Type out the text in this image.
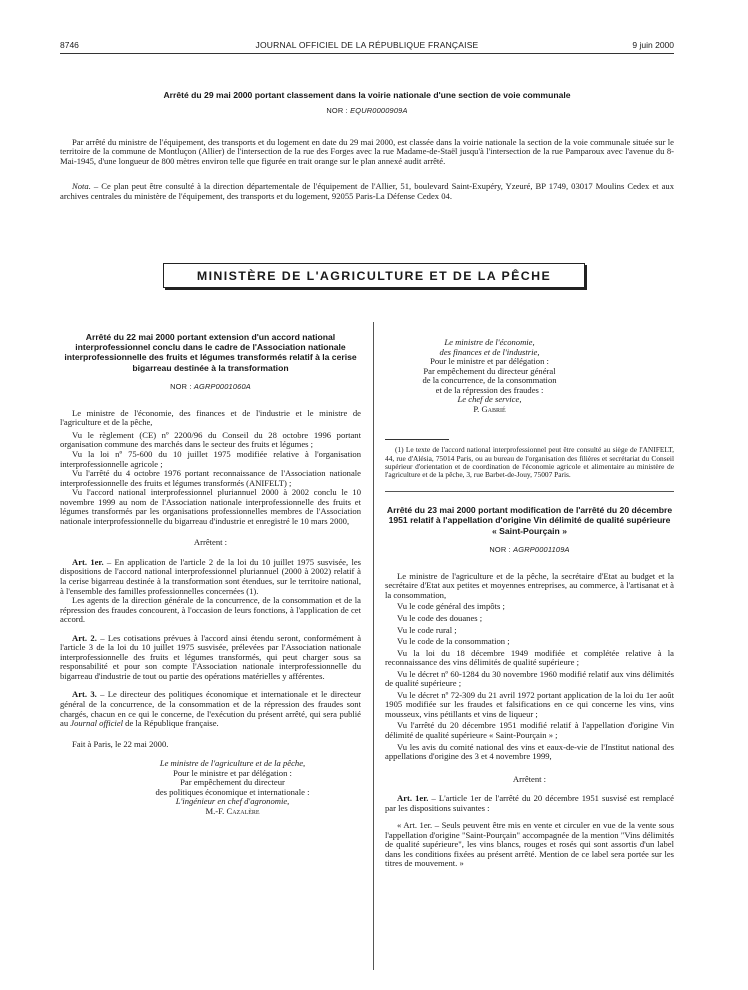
8746	JOURNAL OFFICIEL DE LA RÉPUBLIQUE FRANÇAISE	9 juin 2000

Arrêté du 29 mai 2000 portant classement dans la voirie nationale d'une section de voie communale

NOR : EQUR0000909A

Par arrêté du ministre de l'équipement, des transports et du logement en date du 29 mai 2000, est classée dans la voirie nationale la section de la voie communale située sur le territoire de la commune de Montluçon (Allier) de l'intersection de la rue des Forges avec la rue Madame-de-Staël jusqu'à l'intersection de la rue Pamparoux avec l'avenue du 8-Mai-1945, d'une longueur de 800 mètres environ telle que figurée en trait orange sur le plan annexé audit arrêté.

Nota. – Ce plan peut être consulté à la direction départementale de l'équipement de l'Allier, 51, boulevard Saint-Exupéry, Yzeuré, BP 1749, 03017 Moulins Cedex et aux archives centrales du ministère de l'équipement, des transports et du logement, 92055 Paris-La Défense Cedex 04.

MINISTÈRE DE L'AGRICULTURE ET DE LA PÊCHE

Arrêté du 22 mai 2000 portant extension d'un accord national interprofessionnel conclu dans le cadre de l'Association nationale interprofessionnelle des fruits et légumes transformés relatif à la cerise bigarreau destinée à la transformation

NOR : AGRP0001060A

Le ministre de l'économie, des finances et de l'industrie et le ministre de l'agriculture et de la pêche,

Vu le règlement (CE) nº 2200/96 du Conseil du 28 octobre 1996 portant organisation commune des marchés dans le secteur des fruits et légumes ;

Vu la loi nº 75-600 du 10 juillet 1975 modifiée relative à l'organisation interprofessionnelle agricole ;

Vu l'arrêté du 4 octobre 1976 portant reconnaissance de l'Association nationale interprofessionnelle des fruits et légumes transformés (ANIFELT) ;

Vu l'accord national interprofessionnel pluriannuel 2000 à 2002 conclu le 10 novembre 1999 au nom de l'Association nationale interprofessionnelle des fruits et légumes transformés par les organisations professionnelles membres de l'Association nationale interprofessionnelle du bigarreau d'industrie et enregistré le 10 mars 2000,

Arrêtent :

Art. 1er. – En application de l'article 2 de la loi du 10 juillet 1975 susvisée, les dispositions de l'accord national interprofessionnel pluriannuel (2000 à 2002) relatif à la cerise bigarreau destinée à la transformation sont étendues, sur le territoire national, à l'ensemble des familles professionnelles concernées (1).

Les agents de la direction générale de la concurrence, de la consommation et de la répression des fraudes concourent, à l'occasion de leurs fonctions, à l'application de cet accord.

Art. 2. – Les cotisations prévues à l'accord ainsi étendu seront, conformément à l'article 3 de la loi du 10 juillet 1975 susvisée, prélevées par l'Association nationale interprofessionnelle des fruits et légumes transformés, qui peut charger sous sa responsabilité et pour son compte l'Association nationale interprofessionnelle du bigarreau d'industrie de tout ou partie des opérations matérielles y afférentes.

Art. 3. – Le directeur des politiques économique et internationale et le directeur général de la concurrence, de la consommation et de la répression des fraudes sont chargés, chacun en ce qui le concerne, de l'exécution du présent arrêté, qui sera publié au Journal officiel de la République française.

Fait à Paris, le 22 mai 2000.

Le ministre de l'agriculture et de la pêche,

Pour le ministre et par délégation :

Par empêchement du directeur

des politiques économique et internationale :

L'ingénieur en chef d'agronomie,

M.-F. Cazalère

Le ministre de l'économie,

des finances et de l'industrie,

Pour le ministre et par délégation :

Par empêchement du directeur général

de la concurrence, de la consommation

et de la répression des fraudes :

Le chef de service,

P. Gabrié

(1) Le texte de l'accord national interprofessionnel peut être consulté au siège de l'ANIFELT, 44, rue d'Alésia, 75014 Paris, ou au bureau de l'organisation des filières et secrétariat du Conseil supérieur d'orientation et de coordination de l'économie agricole et alimentaire au ministère de l'agriculture et de la pêche, 3, rue Barbet-de-Jouy, 75007 Paris.

Arrêté du 23 mai 2000 portant modification de l'arrêté du 20 décembre 1951 relatif à l'appellation d'origine Vin délimité de qualité supérieure « Saint-Pourçain »

NOR : AGRP0001109A

Le ministre de l'agriculture et de la pêche, la secrétaire d'Etat au budget et la secrétaire d'Etat aux petites et moyennes entreprises, au commerce, à l'artisanat et à la consommation,

Vu le code général des impôts ;

Vu le code des douanes ;

Vu le code rural ;

Vu le code de la consommation ;

Vu la loi du 18 décembre 1949 modifiée et complétée relative à la reconnaissance des vins délimités de qualité supérieure ;

Vu le décret nº 60-1284 du 30 novembre 1960 modifié relatif aux vins délimités de qualité supérieure ;

Vu le décret nº 72-309 du 21 avril 1972 portant application de la loi du 1er août 1905 modifiée sur les fraudes et falsifications en ce qui concerne les vins, vins mousseux, vins pétillants et vins de liqueur ;

Vu l'arrêté du 20 décembre 1951 modifié relatif à l'appellation d'origine Vin délimité de qualité supérieure « Saint-Pourçain » ;

Vu les avis du comité national des vins et eaux-de-vie de l'Institut national des appellations d'origine des 3 et 4 novembre 1999,

Arrêtent :

Art. 1er. – L'article 1er de l'arrêté du 20 décembre 1951 susvisé est remplacé par les dispositions suivantes :

« Art. 1er. – Seuls peuvent être mis en vente et circuler en vue de la vente sous l'appellation d'origine "Saint-Pourçain" accompagnée de la mention "Vins délimités de qualité supérieure", les vins blancs, rouges et rosés qui sont assortis d'un label dans les conditions fixées au présent arrêté. Mention de ce label sera portée sur les titres de mouvement. »
